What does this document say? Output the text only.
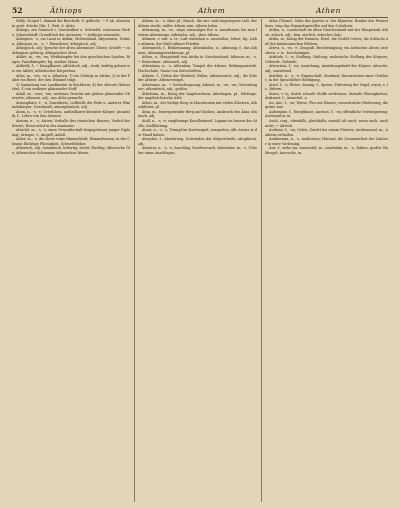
52	Äthiops	Athem	Athen

Hölly: Ecopel l. dämaal die Beschrift. d. geflocht. ~ F ab. Alsatien in gedr. Stücke Nbr. 1. Weil. d. Ätzte.

Äthiops, ein Gemisch v. Quecksilber u. Schwefel, schwarzer Farbe; Mineralstoff, Grundtheil der Arzneien; ~ Aethiops mineralis.

Äthiopien, -s, ein Land in Afrika; Mohrenland, Abyssinien, Nubien. Äthiopier, m., -s, ~ Einwohner; äthiopisch, adj.

Äthiopisch, adj. Sprache der alten Abessinier, Gheez; Schrift ~ zu Äthiopien gehörig; Äthiopisches Meer.

Athlet, m., -en, -en; Wettkämpfer bei den griechischen Spielen, Ringer, Faustkämpfer; fig. starker Mann.

Athletik, f., ~ Kampfkunst; athletisch, adj., stark, kräftig gebaut wie ein Athlet; athletischer Körperbau.

Atlas, m., -ses, -se u. Atlanten; 1) ein Gebirge in Afrika; 2) in der Fabel ein Riese, der den Himmel trägt.

3) Sammlung von Landkarten in Buchform; 4) der oberste Halswirbel; 5) ein seidener glänzender Stoff.

Atlaß, m., -sses, -sse; seidenes Gewebe mit glatter glänzender Oberseite; atlassen, adj., aus Atlas gemacht.

Atmosphäre, f., -n; Dunstkreis, Lufthülle der Erde u. anderer Himmelskörper; Druckmaß; atmosphärisch, adj.

Atom, n., -s, -e; Urteilchen, untheilbarer kleinster Körper; Atomistik, f., Lehre von den Atomen.

Atrium, n., -s, Atrien; Vorhalle des römischen Hauses; Vorhof der Kirche; Herzvorhof in der Anatomie.

Attaché, m., -s, -s; einer Gesandtschaft beigegebener junger Diplomat; Attaque, f., Angriff, Anfall.

Äther, m., -s; die obere reine Himmelsluft; Himmelsraum; in der Chemie flüchtige Flüssigkeit, Schwefeläther.

Ätherisch, adj., himmlisch, luftartig, leicht, flüchtig; ätherische Öle; ätherischer Schimmer, ätherisches Wesen.

Athem, m., -s, ohne pl.; Hauch, die aus- und eingezogene Luft; der Athem stockt; außer Athem sein; Athem holen.

Athemzug, m., -es, -züge; einmaliges Ein- u. Ausathmen; bis zum letzten Athemzuge; Athemlos, adj., ohne Athem.

Athmen, v. intr. u. tr.; Luft einziehen u. ausstoßen; leben; fig. Liebe athmen; der Wald athmet Frieden.

Athemnoth, f., Beklemmung; Athemholen, n.; Athmung, f., das Athmen; Athmungswerkzeuge, pl.

Athen, n., Hauptstadt von Attika in Griechenland; Athener, m., -s, ~ Einwohner; athenisch, adj.

Athenäum, n., -s, Athenäen; Tempel der Athene; Bildungsanstalt, Hochschule; Name von Zeitschriften.

Athene, f., Göttin der Weisheit, Pallas; athenienisch, adj.; die Eule der Athene; Athenetempel.

Atheismus, m., ~ Gottesleugnung; Atheist, m., -en, -en; Gottesleugner; atheistisch, adj., gottlos.

Äthelstan, m., König der Angelsachsen; Athelingen, pl., Edelinge, der angelsächsische Adel.

Athos, m., der heilige Berg in Macedonien mit vielen Klöstern; Athosklöster, pl.

Ätna, m., feuerspeiender Berg auf Sicilien; Ausbruch des Ätna; ätnäisch, adj.

Atoll, n., -s, -e; ringförmige Koralleninsel; Lagune im Innern des Atolls; Atollbildung.

Atout, n., -s, -s; Trumpf im Kartenspiel; ausspielen; alle Atouts in der Hand haben.

Atrophie, f., Abzehrung, Schwinden der Körpertheile; atrophisch, adj.

Attentat, n., -s, -e; Anschlag, Mordversuch; Attentäter, m., -s, Urheber eines Anschlages.

Atlas (Titane), Sohn des Japetos u. der Klymene, Bruder des Prometheus, trug das Himmelsgewölbe auf den Schultern.

Attika, n., Landschaft im alten Griechenland mit der Hauptstadt Athen; attisch, adj., fein, zierlich; attisches Salz.

Attila, m., König der Hunnen, Etzel, die Geißel Gottes; die Schlacht auf den katalaunischen Feldern.

Attest, n., -es, -e; Zeugniß, Bescheinigung; ein ärztliches Attest; attestiren, v. tr., bescheinigen.

Attitüde, f., -n; Stellung, Haltung; malerische Stellung des Körpers; Geberde, Gebärde.

Attraction, f., -en; Anziehung, Anziehungskraft der Körper; attractiv, adj., anziehend.

Attribut, n., -s, -e; Eigenschaft, Merkmal; Kennzeichen einer Gottheit; in der Sprachlehre Beifügung.

Atzel, f., -n; Elster; Atzung, f., Speise, Fütterung der Vögel; atzen, v. tr., füttern.

Ätzen, v. tr., durch scharfe Stoffe zerfressen; ätzende Flüssigkeiten; Ätzkunst, f.; Ätzmittel, n.

Au, Aue, f., -en; Wiese, Flur am Wasser; wasserreiche Niederung; die grüne Aue.

Aubergine, f., Eierpflanze; Auction, f., -en; öffentliche Versteigerung; Auctionator, m.

Auch, conj., ebenfalls, gleichfalls; sowohl als auch; wenn auch; auch nicht; ~ Adverb.

Audienz, f., -en; Gehör, Zutritt bei einem Fürsten; Audienzsaal, m.; Audienz ertheilen.

Auditorium, n., -s, Auditorien; Hörsaal; die Gesammtheit der Zuhörer in einer Vorlesung.

Aue, f., siehe Au; Auenwald, m.; Auerhahn, m., -s, -hähne; großer Waldvogel; Auerochs, m.
